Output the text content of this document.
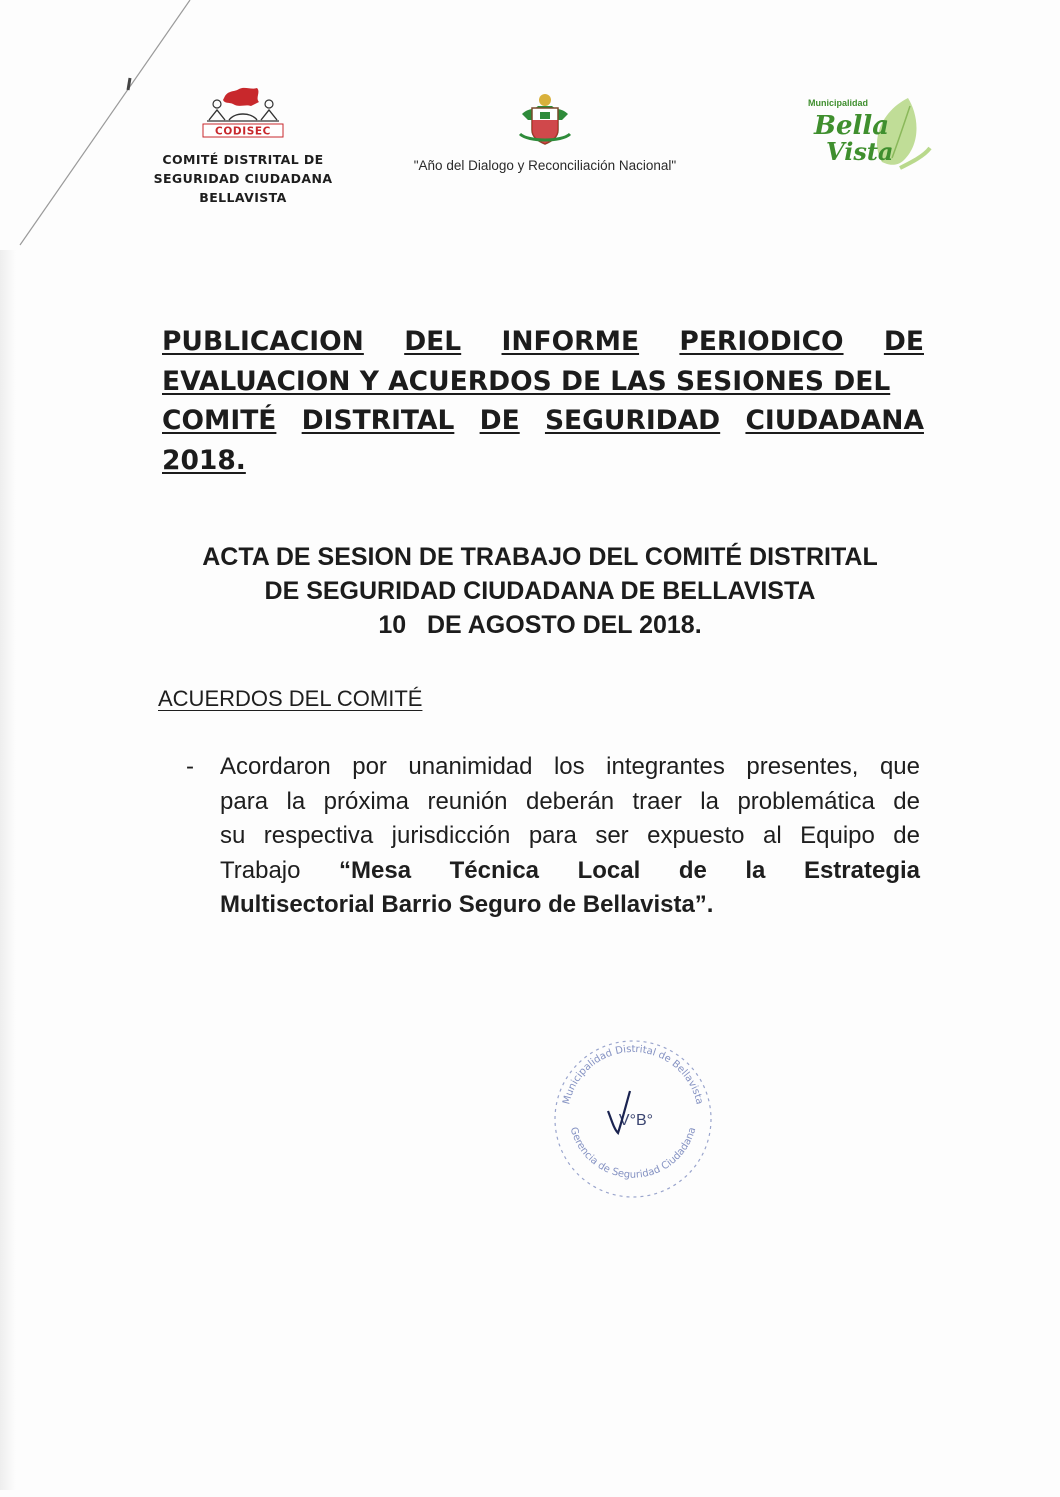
CODISEC
COMITÉ DISTRITAL DE
SEGURIDAD CIUDADANA
BELLAVISTA
"Año del Dialogo y Reconciliación Nacional"
Municipalidad
Bella
Vista
PUBLICACION DEL INFORME PERIODICO DE
EVALUACION Y ACUERDOS DE LAS SESIONES DEL
COMITÉ DISTRITAL DE SEGURIDAD CIUDADANA
2018.
ACTA DE SESION DE TRABAJO DEL COMITÉ DISTRITAL
DE SEGURIDAD CIUDADANA DE BELLAVISTA
10   DE AGOSTO DEL 2018.
ACUERDOS DEL COMITÉ
- Acordaron por unanimidad los integrantes presentes, que
para la próxima reunión deberán traer la problemática de
su respectiva jurisdicción para ser expuesto al Equipo de
Trabajo “Mesa Técnica Local de la Estrategia
Multisectorial Barrio Seguro de Bellavista”.
Municipalidad Distrital de Bellavista
Gerencia de Seguridad Ciudadana
V°B°
